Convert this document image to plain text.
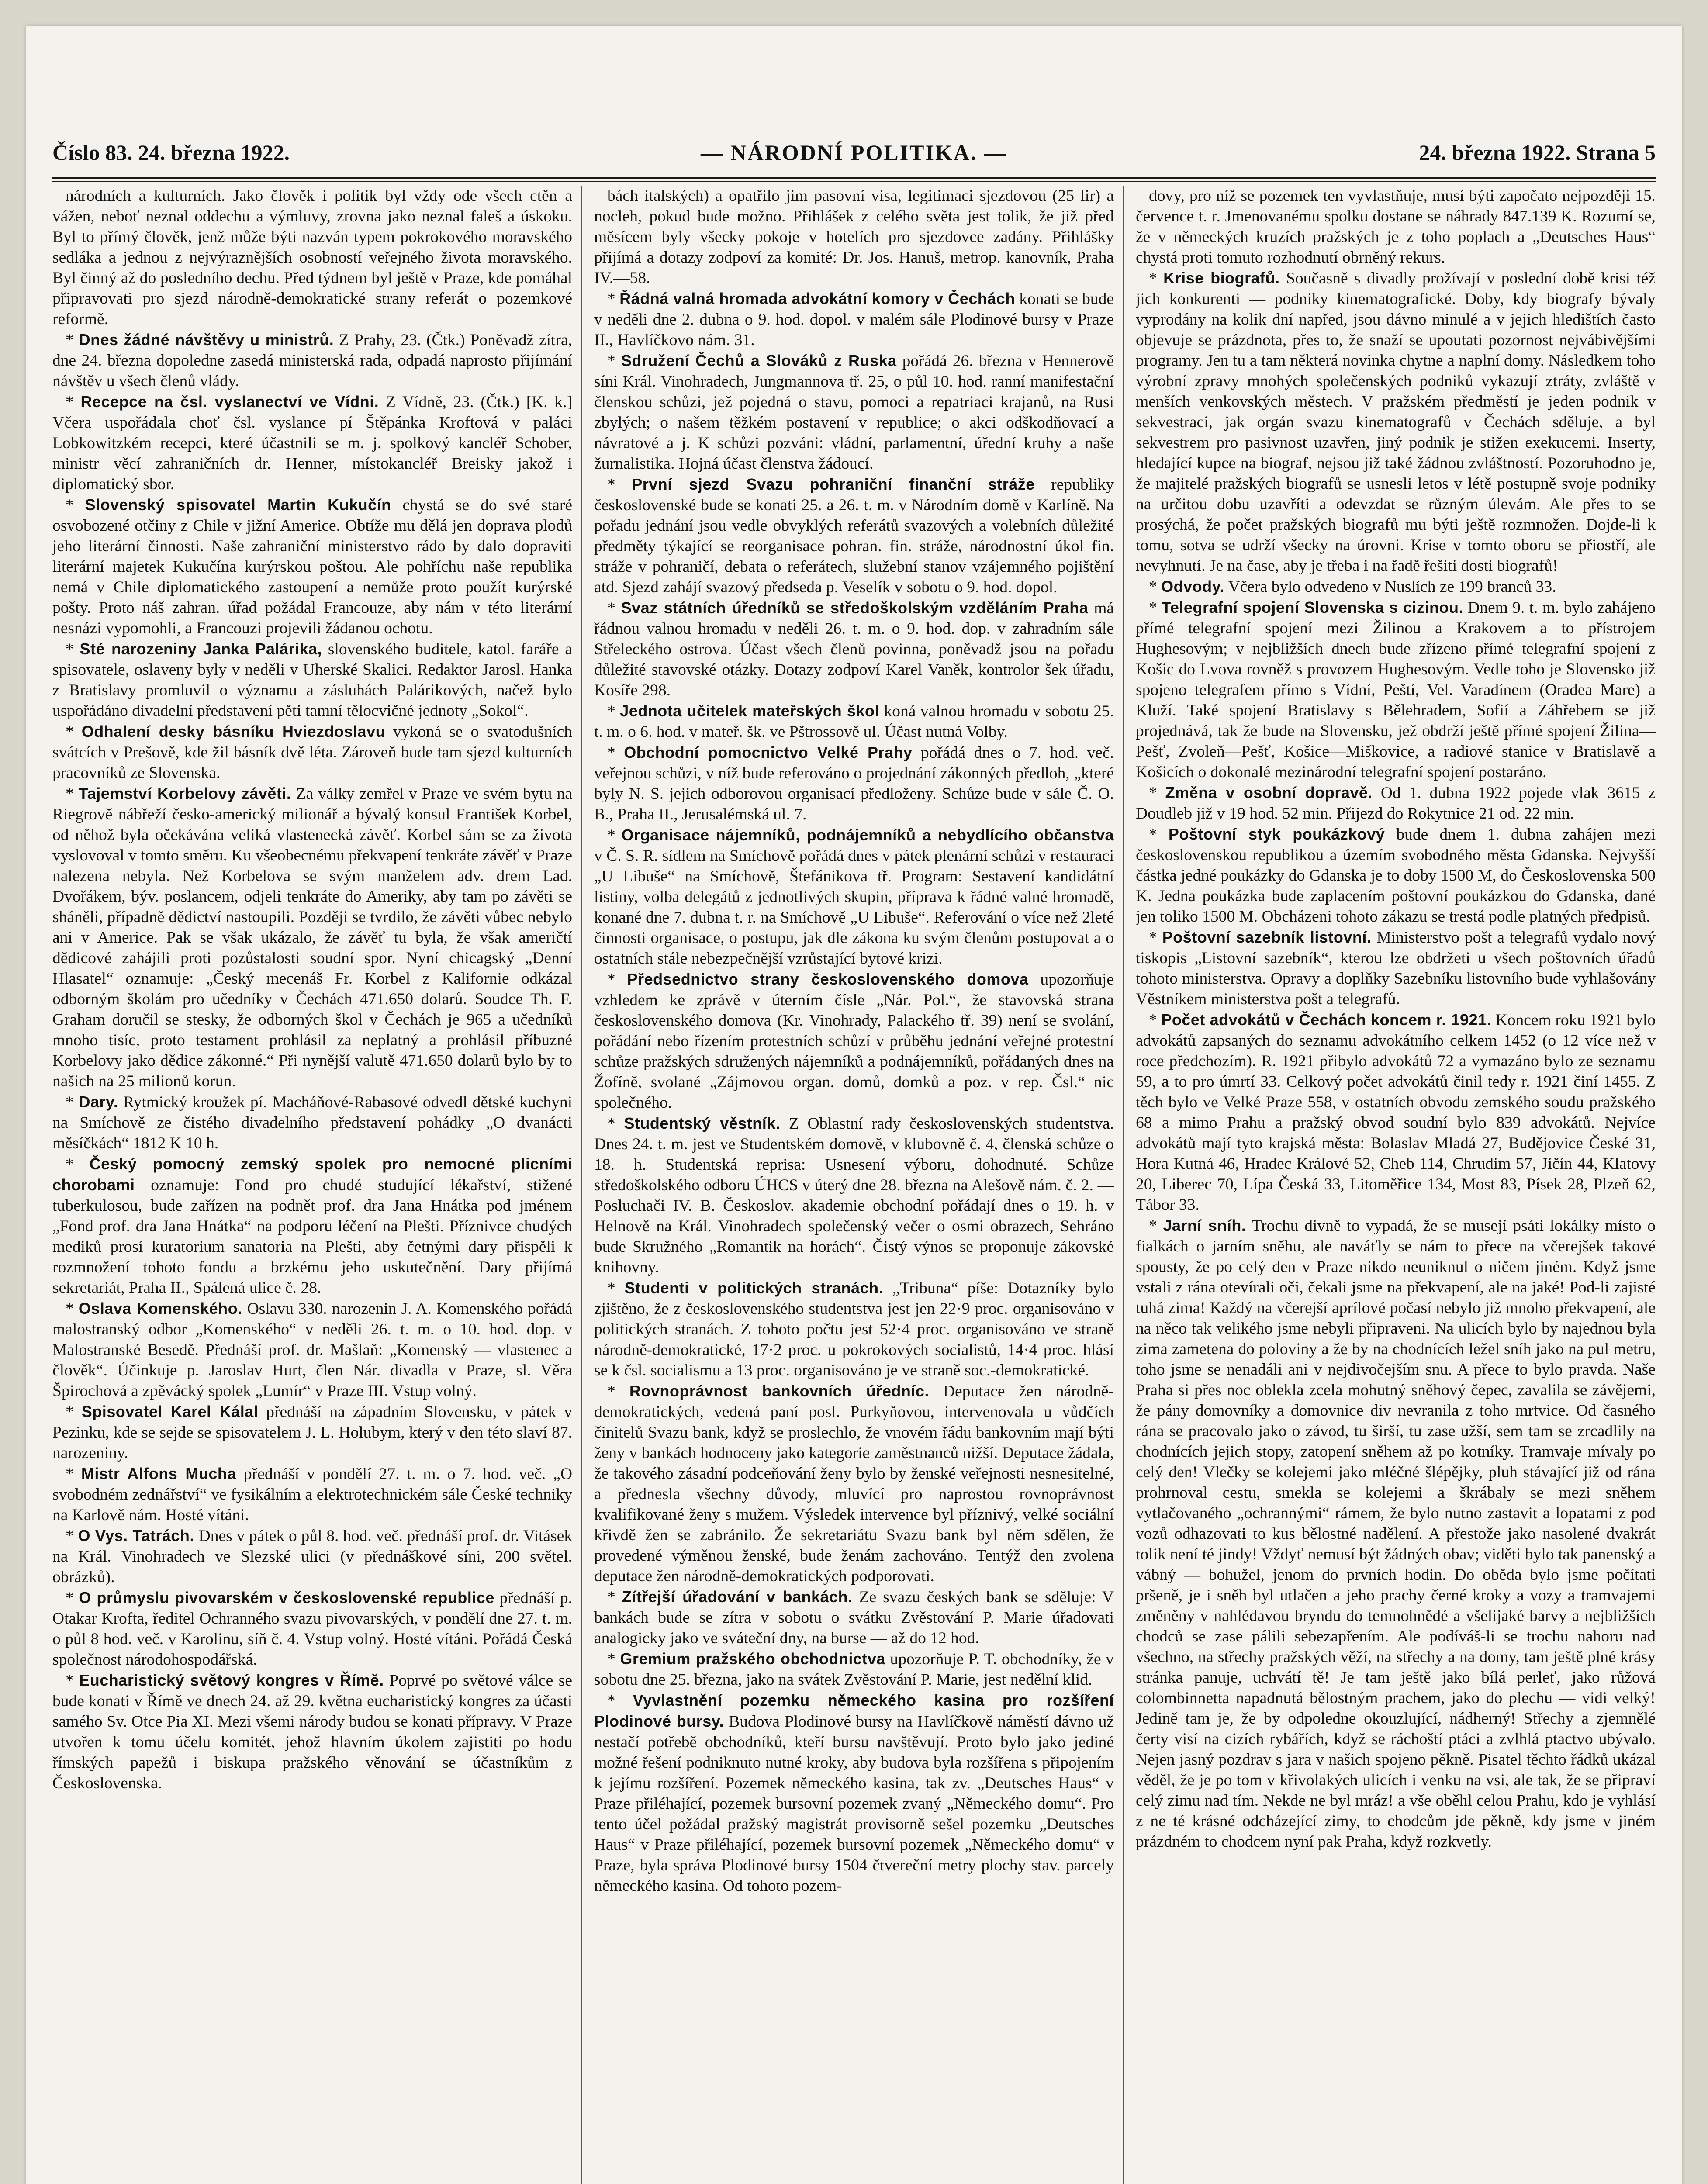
Číslo 83. 24. března 1922.	— NÁRODNÍ POLITIKA. —	24. března 1922. Strana 5

národních a kulturních. Jako člověk i politik byl vždy ode všech ctěn a vážen, neboť neznal oddechu a výmluvy, zrovna jako neznal faleš a úskoku. Byl to přímý člověk, jenž může býti nazván typem pokrokového moravského sedláka a jednou z nejvýraznějších osobností veřejného života moravského. Byl činný až do posledního dechu. Před týdnem byl ještě v Praze, kde pomáhal připravovati pro sjezd národně-demokratické strany referát o pozemkové reformě.

* Dnes žádné návštěvy u ministrů. Z Prahy, 23. (Čtk.) Poněvadž zítra, dne 24. března dopoledne zasedá ministerská rada, odpadá naprosto přijímání návštěv u všech členů vlády.

* Recepce na čsl. vyslanectví ve Vídni. Z Vídně, 23. (Čtk.) [K. k.] Včera uspořádala choť čsl. vyslance pí Štěpánka Kroftová v paláci Lobkowitzkém recepci, které účastnili se m. j. spolkový kancléř Schober, ministr věcí zahraničních dr. Henner, místokancléř Breisky jakož i diplomatický sbor.

* Slovenský spisovatel Martin Kukučín chystá se do své staré osvobozené otčiny z Chile v jižní Americe. Obtíže mu dělá jen doprava plodů jeho literární činnosti. Naše zahraniční ministerstvo rádo by dalo dopraviti literární majetek Kukučína kurýrskou poštou. Ale pohříchu naše republika nemá v Chile diplomatického zastoupení a nemůže proto použít kurýrské pošty. Proto náš zahran. úřad požádal Francouze, aby nám v této literární nesnázi vypomohli, a Francouzi projevili žádanou ochotu.

* Sté narozeniny Janka Palárika, slovenského buditele, katol. faráře a spisovatele, oslaveny byly v neděli v Uherské Skalici. Redaktor Jarosl. Hanka z Bratislavy promluvil o významu a zásluhách Palárikových, načež bylo uspořádáno divadelní představení pěti tamní tělocvičné jednoty „Sokol“.

* Odhalení desky básníku Hviezdoslavu vykoná se o svatodušních svátcích v Prešově, kde žil básník dvě léta. Zároveň bude tam sjezd kulturních pracovníků ze Slovenska.

* Tajemství Korbelovy závěti. Za války zemřel v Praze ve svém bytu na Riegrově nábřeží česko-americký milionář a bývalý konsul František Korbel, od něhož byla očekávána veliká vlastenecká závěť. Korbel sám se za života vyslovoval v tomto směru. Ku všeobecnému překvapení tenkráte závěť v Praze nalezena nebyla. Než Korbelova se svým manželem adv. drem Lad. Dvořákem, býv. poslancem, odjeli tenkráte do Ameriky, aby tam po závěti se sháněli, případně dědictví nastoupili. Později se tvrdilo, že závěti vůbec nebylo ani v Americe. Pak se však ukázalo, že závěť tu byla, že však američtí dědicové zahájili proti pozůstalosti soudní spor. Nyní chicagský „Denní Hlasatel“ oznamuje: „Český mecenáš Fr. Korbel z Kalifornie odkázal odborným školám pro učedníky v Čechách 471.650 dolarů. Soudce Th. F. Graham doručil se stesky, že odborných škol v Čechách je 965 a učedníků mnoho tisíc, proto testament prohlásil za neplatný a prohlásil příbuzné Korbelovy jako dědice zákonné.“ Při nynější valutě 471.650 dolarů bylo by to našich na 25 milionů korun.

* Dary. Rytmický kroužek pí. Macháňové-Rabasové odvedl dětské kuchyni na Smíchově ze čistého divadelního představení pohádky „O dvanácti měsíčkách“ 1812 K 10 h.

* Český pomocný zemský spolek pro nemocné plicními chorobami oznamuje: Fond pro chudé studující lékařství, stižené tuberkulosou, bude zařízen na podnět prof. dra Jana Hnátka pod jménem „Fond prof. dra Jana Hnátka“ na podporu léčení na Plešti. Příznivce chudých mediků prosí kuratorium sanatoria na Plešti, aby četnými dary přispěli k rozmnožení tohoto fondu a brzkému jeho uskutečnění. Dary přijímá sekretariát, Praha II., Spálená ulice č. 28.

* Oslava Komenského. Oslavu 330. narozenin J. A. Komenského pořádá malostranský odbor „Komenského“ v neděli 26. t. m. o 10. hod. dop. v Malostranské Besedě. Přednáší prof. dr. Mašlaň: „Komenský — vlastenec a člověk“. Účinkuje p. Jaroslav Hurt, člen Nár. divadla v Praze, sl. Věra Špirochová a zpěvácký spolek „Lumír“ v Praze III. Vstup volný.

* Spisovatel Karel Kálal přednáší na západním Slovensku, v pátek v Pezinku, kde se sejde se spisovatelem J. L. Holubym, který v den této slaví 87. narozeniny.

* Mistr Alfons Mucha přednáší v pondělí 27. t. m. o 7. hod. več. „O svobodném zednářství“ ve fysikálním a elektrotechnickém sále České techniky na Karlově nám. Hosté vítáni.

* O Vys. Tatrách. Dnes v pátek o půl 8. hod. več. přednáší prof. dr. Vitásek na Král. Vinohradech ve Slezské ulici (v přednáškové síni, 200 světel. obrázků).

* O průmyslu pivovarském v československé republice přednáší p. Otakar Krofta, ředitel Ochranného svazu pivovarských, v pondělí dne 27. t. m. o půl 8 hod. več. v Karolinu, síň č. 4. Vstup volný. Hosté vítáni. Pořádá Česká společnost národohospodářská.

* Eucharistický světový kongres v Římě. Poprvé po světové válce se bude konati v Římě ve dnech 24. až 29. května eucharistický kongres za účasti samého Sv. Otce Pia XI. Mezi všemi národy budou se konati přípravy. V Praze utvořen k tomu účelu komitét, jehož hlavním úkolem zajistiti po hodu římských papežů i biskupa pražského věnování se účastníkům z Československa.

bách italských) a opatřilo jim pasovní visa, legitimaci sjezdovou (25 lir) a nocleh, pokud bude možno. Přihlášek z celého světa jest tolik, že již před měsícem byly všecky pokoje v hotelích pro sjezdovce zadány. Přihlášky přijímá a dotazy zodpoví za komité: Dr. Jos. Hanuš, metrop. kanovník, Praha IV.—58.

* Řádná valná hromada advokátní komory v Čechách konati se bude v neděli dne 2. dubna o 9. hod. dopol. v malém sále Plodinové bursy v Praze II., Havlíčkovo nám. 31.

* Sdružení Čechů a Slováků z Ruska pořádá 26. března v Hennerově síni Král. Vinohradech, Jungmannova tř. 25, o půl 10. hod. ranní manifestační členskou schůzi, jež pojedná o stavu, pomoci a repatriaci krajanů, na Rusi zbylých; o našem těžkém postavení v republice; o akci odškodňovací a návratové a j. K schůzi pozváni: vládní, parlamentní, úřední kruhy a naše žurnalistika. Hojná účast členstva žádoucí.

* První sjezd Svazu pohraniční finanční stráže republiky československé bude se konati 25. a 26. t. m. v Národním domě v Karlíně. Na pořadu jednání jsou vedle obvyklých referátů svazových a volebních důležité předměty týkající se reorganisace pohran. fin. stráže, národnostní úkol fin. stráže v pohraničí, debata o referátech, služební stanov vzájemného pojištění atd. Sjezd zahájí svazový předseda p. Veselík v sobotu o 9. hod. dopol.

* Svaz státních úředníků se středoškolským vzděláním Praha má řádnou valnou hromadu v neděli 26. t. m. o 9. hod. dop. v zahradním sále Střeleckého ostrova. Účast všech členů povinna, poněvadž jsou na pořadu důležité stavovské otázky. Dotazy zodpoví Karel Vaněk, kontrolor šek úřadu, Kosíře 298.

* Jednota učitelek mateřských škol koná valnou hromadu v sobotu 25. t. m. o 6. hod. v mateř. šk. ve Pštrossově ul. Účast nutná Volby.

* Obchodní pomocnictvo Velké Prahy pořádá dnes o 7. hod. več. veřejnou schůzi, v níž bude referováno o projednání zákonných předloh, „které byly N. S. jejich odborovou organisací předloženy. Schůze bude v sále Č. O. B., Praha II., Jerusalémská ul. 7.

* Organisace nájemníků, podnájemníků a nebydlícího občanstva v Č. S. R. sídlem na Smíchově pořádá dnes v pátek plenární schůzi v restauraci „U Libuše“ na Smíchově, Štefánikova tř. Program: Sestavení kandidátní listiny, volba delegátů z jednotlivých skupin, příprava k řádné valné hromadě, konané dne 7. dubna t. r. na Smíchově „U Libuše“. Referování o více než 2leté činnosti organisace, o postupu, jak dle zákona ku svým členům postupovat a o ostatních stále nebezpečnější vzrůstající bytové krizi.

* Předsednictvo strany československého domova upozorňuje vzhledem ke zprávě v úterním čísle „Nár. Pol.“, že stavovská strana československého domova (Kr. Vinohrady, Palackého tř. 39) není se svolání, pořádání nebo řízením protestních schůzí v průběhu jednání veřejné protestní schůze pražských sdružených nájemníků a podnájemníků, pořádaných dnes na Žofíně, svolané „Zájmovou organ. domů, domků a poz. v rep. Čsl.“ nic společného.

* Studentský věstník. Z Oblastní rady československých studentstva. Dnes 24. t. m. jest ve Studentském domově, v klubovně č. 4, členská schůze o 18. h. Studentská reprisa: Usnesení výboru, dohodnuté. Schůze středoškolského odboru ÚHCS v úterý dne 28. března na Alešově nám. č. 2. — Posluchači IV. B. Českoslov. akademie obchodní pořádají dnes o 19. h. v Helnově na Král. Vinohradech společenský večer o osmi obrazech, Sehráno bude Skružného „Romantik na horách“. Čistý výnos se proponuje zákovské knihovny.

* Studenti v politických stranách. „Tribuna“ píše: Dotazníky bylo zjištěno, že z československého studentstva jest jen 22·9 proc. organisováno v politických stranách. Z tohoto počtu jest 52·4 proc. organisováno ve straně národně-demokratické, 17·2 proc. u pokrokových socialistů, 14·4 proc. hlásí se k čsl. socialismu a 13 proc. organisováno je ve straně soc.-demokratické.

* Rovnoprávnost bankovních úředníc. Deputace žen národně-demokratických, vedená paní posl. Purkyňovou, intervenovala u vůdčích činitelů Svazu bank, když se proslechlo, že vnovém řádu bankovním mají býti ženy v bankách hodnoceny jako kategorie zaměstnanců nižší. Deputace žádala, že takového zásadní podceňování ženy bylo by ženské veřejnosti nesnesitelné, a přednesla všechny důvody, mluvící pro naprostou rovnoprávnost kvalifikované ženy s mužem. Výsledek intervence byl příznivý, velké sociální křivdě žen se zabránilo. Že sekretariátu Svazu bank byl něm sdělen, že provedené výměnou ženské, bude ženám zachováno. Tentýž den zvolena deputace žen národně-demokratických podporovati.

* Zítřejší úřadování v bankách. Ze svazu českých bank se sděluje: V bankách bude se zítra v sobotu o svátku Zvěstování P. Marie úřadovati analogicky jako ve sváteční dny, na burse — až do 12 hod.

* Gremium pražského obchodnictva upozorňuje P. T. obchodníky, že v sobotu dne 25. března, jako na svátek Zvěstování P. Marie, jest nedělní klid.

* Vyvlastnění pozemku německého kasina pro rozšíření Plodinové bursy. Budova Plodinové bursy na Havlíčkově náměstí dávno už nestačí potřebě obchodníků, kteří bursu navštěvují. Proto bylo jako jediné možné řešení podniknuto nutné kroky, aby budova byla rozšířena s připojením k jejímu rozšíření. Pozemek německého kasina, tak zv. „Deutsches Haus“ v Praze přiléhající, pozemek bursovní pozemek zvaný „Německého domu“. Pro tento účel požádal pražský magistrát provisorně sešel pozemku „Deutsches Haus“ v Praze přiléhající, pozemek bursovní pozemek „Německého domu“ v Praze, byla správa Plodinové bursy 1504 čtvereční metry plochy stav. parcely německého kasina. Od tohoto pozem-

dovy, pro níž se pozemek ten vyvlastňuje, musí býti započato nejpozději 15. července t. r. Jmenovanému spolku dostane se náhrady 847.139 K. Rozumí se, že v německých kruzích pražských je z toho poplach a „Deutsches Haus“ chystá proti tomuto rozhodnutí obrněný rekurs.

* Krise biografů. Současně s divadly prožívají v poslední době krisi též jich konkurenti — podniky kinematografické. Doby, kdy biografy bývaly vyprodány na kolik dní napřed, jsou dávno minulé a v jejich hledištích často objevuje se prázdnota, přes to, že snaží se upoutati pozornost nejvábivějšími programy. Jen tu a tam některá novinka chytne a naplní domy. Následkem toho výrobní zpravy mnohých společenských podniků vykazují ztráty, zvláště v menších venkovských městech. V pražském předměstí je jeden podnik v sekvestraci, jak orgán svazu kinematografů v Čechách sděluje, a byl sekvestrem pro pasivnost uzavřen, jiný podnik je stižen exekucemi. Inserty, hledající kupce na biograf, nejsou již také žádnou zvláštností. Pozoruhodno je, že majitelé pražských biografů se usnesli letos v létě postupně svoje podniky na určitou dobu uzavříti a odevzdat se různým úlevám. Ale přes to se prosýchá, že počet pražských biografů mu býti ještě rozmnožen. Dojde-li k tomu, sotva se udrží všecky na úrovni. Krise v tomto oboru se přiostří, ale nevyhnutí. Je na čase, aby je třeba i na řadě řešiti dosti biografů!

* Odvody. Včera bylo odvedeno v Nuslích ze 199 branců 33.

* Telegrafní spojení Slovenska s cizinou. Dnem 9. t. m. bylo zahájeno přímé telegrafní spojení mezi Žilinou a Krakovem a to přístrojem Hughesovým; v nejbližších dnech bude zřízeno přímé telegrafní spojení z Košic do Lvova rovněž s provozem Hughesovým. Vedle toho je Slovensko již spojeno telegrafem přímo s Vídní, Peští, Vel. Varadínem (Oradea Mare) a Kluží. Také spojení Bratislavy s Bělehradem, Sofií a Záhřebem se již projednává, tak že bude na Slovensku, jež obdrží ještě přímé spojení Žilina—Pešť, Zvoleň—Pešť, Košice—Miškovice, a radiové stanice v Bratislavě a Košicích o dokonalé mezinárodní telegrafní spojení postaráno.

* Změna v osobní dopravě. Od 1. dubna 1922 pojede vlak 3615 z Doudleb již v 19 hod. 52 min. Přijezd do Rokytnice 21 od. 22 min.

* Poštovní styk poukázkový bude dnem 1. dubna zahájen mezi československou republikou a územím svobodného města Gdanska. Nejvyšší částka jedné poukázky do Gdanska je to doby 1500 M, do Československa 500 K. Jedna poukázka bude zaplacením poštovní poukázkou do Gdanska, dané jen toliko 1500 M. Obcházeni tohoto zákazu se trestá podle platných předpisů.

* Poštovní sazebník listovní. Ministerstvo pošt a telegrafů vydalo nový tiskopis „Listovní sazebník“, kterou lze obdržeti u všech poštovních úřadů tohoto ministerstva. Opravy a doplňky Sazebníku listovního bude vyhlašovány Věstníkem ministerstva pošt a telegrafů.

* Počet advokátů v Čechách koncem r. 1921. Koncem roku 1921 bylo advokátů zapsaných do seznamu advokátního celkem 1452 (o 12 více než v roce předchozím). R. 1921 přibylo advokátů 72 a vymazáno bylo ze seznamu 59, a to pro úmrtí 33. Celkový počet advokátů činil tedy r. 1921 činí 1455. Z těch bylo ve Velké Praze 558, v ostatních obvodu zemského soudu pražského 68 a mimo Prahu a pražský obvod soudní bylo 839 advokátů. Nejvíce advokátů mají tyto krajská města: Bolaslav Mladá 27, Budějovice České 31, Hora Kutná 46, Hradec Králové 52, Cheb 114, Chrudim 57, Jičín 44, Klatovy 20, Liberec 70, Lípa Česká 33, Litoměřice 134, Most 83, Písek 28, Plzeň 62, Tábor 33.

* Jarní sníh. Trochu divně to vypadá, že se musejí psáti lokálky místo o fialkách o jarním sněhu, ale naváťly se nám to přece na včerejšek takové spousty, že po celý den v Praze nikdo neuniknul o ničem jiném. Když jsme vstali z rána otevírali oči, čekali jsme na překvapení, ale na jaké! Pod-li zajisté tuhá zima! Každý na včerejší aprílové počasí nebylo již mnoho překvapení, ale na něco tak velikého jsme nebyli připraveni. Na ulicích bylo by najednou byla zima zametena do poloviny a že by na chodnících ležel sníh jako na pul metru, toho jsme se nenadáli ani v nejdivočejším snu. A přece to bylo pravda. Naše Praha si přes noc oblekla zcela mohutný sněhový čepec, zavalila se závějemi, že pány domovníky a domovnice div nevranila z toho mrtvice. Od časného rána se pracovalo jako o závod, tu širší, tu zase užší, sem tam se zrcadlily na chodnících jejich stopy, zatopení sněhem až po kotníky. Tramvaje mívaly po celý den! Vlečky se kolejemi jako mléčné šlépějky, pluh stávající již od rána prohrnoval cestu, smekla se kolejemi a škrábaly se mezi sněhem vytlačovaného „ochrannými“ rámem, že bylo nutno zastavit a lopatami z pod vozů odhazovati to kus bělostné nadělení. A přestože jako nasolené dvakrát tolik není té jindy! Vždyť nemusí být žádných obav; viděti bylo tak panenský a vábný — bohužel, jenom do prvních hodin. Do oběda bylo jsme počítati pršeně, je i sněh byl utlačen a jeho prachy černé kroky a vozy a tramvajemi změněny v nahlédavou bryndu do temnohnědé a všelijaké barvy a nejbližších chodců se zase pálili sebezapřením. Ale podíváš-li se trochu nahoru nad všechno, na střechy pražských věží, na střechy a na domy, tam ještě plné krásy stránka panuje, uchvátí tě! Je tam ještě jako bílá perleť, jako růžová colombinnetta napadnutá bělostným prachem, jako do plechu — vidi velký! Jedině tam je, že by odpoledne okouzlující, nádherný! Střechy a zjemnělé čerty visí na cizích rybářích, když se ráchoští ptáci a zvlhlá ptactvo ubývalo. Nejen jasný pozdrav s jara v našich spojeno pěkně. Pisatel těchto řádků ukázal věděl, že je po tom v křivolakých ulicích i venku na vsi, ale tak, že se připraví celý zimu nad tím. Nekde ne byl mráz! a vše oběhl celou Prahu, kdo je vyhlásí z ne té krásné odcházející zimy, to chodcům jde pěkně, kdy jsme v jiném prázdném to chodcem nyní pak Praha, když rozkvetly.
